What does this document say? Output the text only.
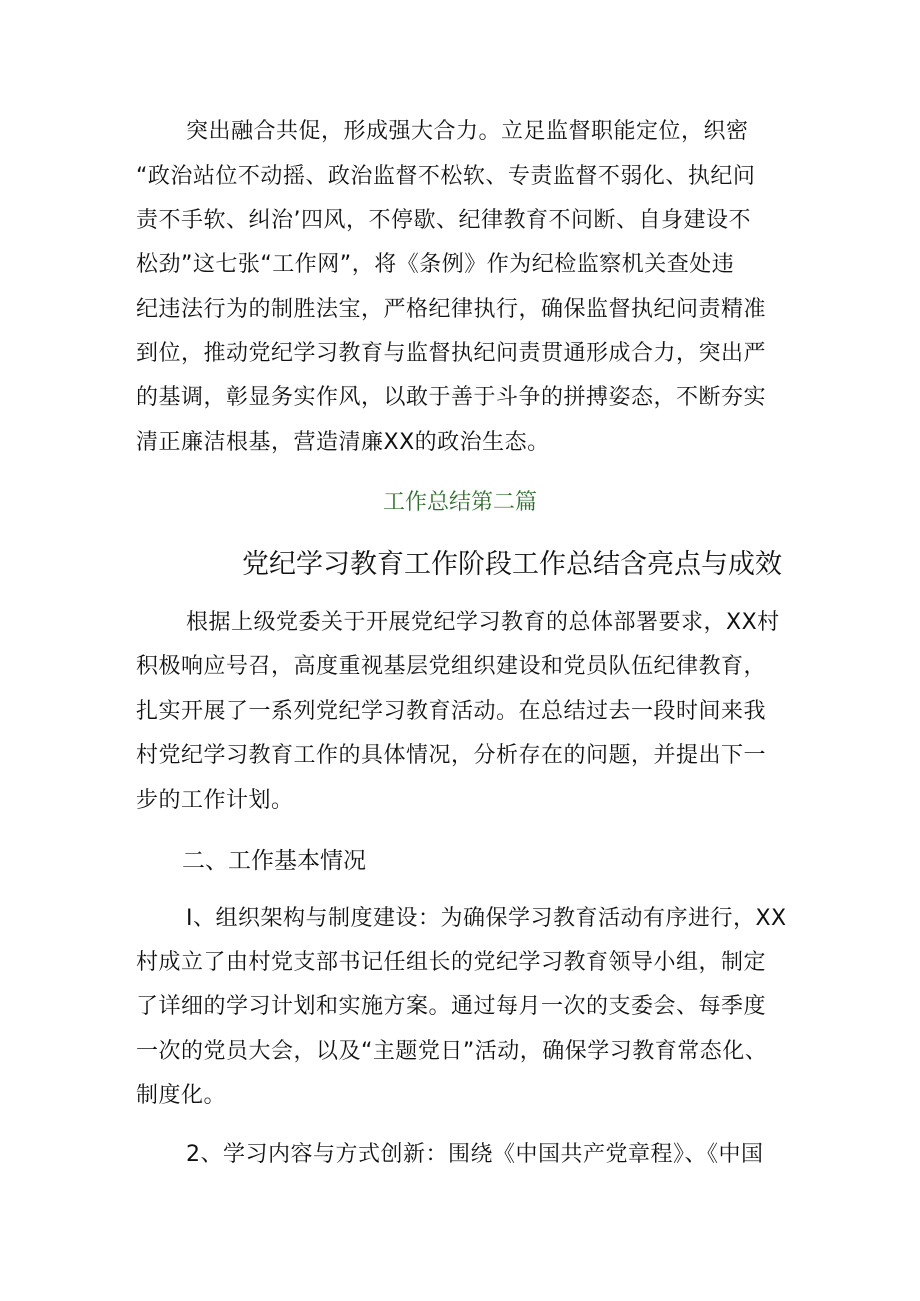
突出融合共促，形成强大合力。立足监督职能定位，织密
“政治站位不动摇、政治监督不松软、专责监督不弱化、执纪问
责不手软、纠治’四风，不停歇、纪律教育不问断、自身建设不
松劲”这七张“工作网”，将《条例》作为纪检监察机关查处违
纪违法行为的制胜法宝，严格纪律执行，确保监督执纪问责精准
到位，推动党纪学习教育与监督执纪问责贯通形成合力，突出严
的基调，彰显务实作风，以敢于善于斗争的拼搏姿态，不断夯实
清正廉洁根基，营造清廉XX的政治生态。
工作总结第二篇
党纪学习教育工作阶段工作总结含亮点与成效
根据上级党委关于开展党纪学习教育的总体部署要求，XX村
积极响应号召，高度重视基层党组织建设和党员队伍纪律教育，
扎实开展了一系列党纪学习教育活动。在总结过去一段时间来我
村党纪学习教育工作的具体情况，分析存在的问题，并提出下一
步的工作计划。
二、工作基本情况
I、组织架构与制度建设：为确保学习教育活动有序进行，XX
村成立了由村党支部书记任组长的党纪学习教育领导小组，制定
了详细的学习计划和实施方案。通过每月一次的支委会、每季度
一次的党员大会，以及“主题党日”活动，确保学习教育常态化、
制度化。
2、学习内容与方式创新：围绕《中国共产党章程》、《中国
